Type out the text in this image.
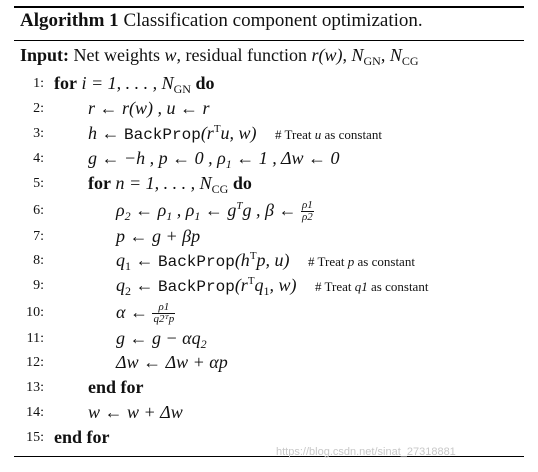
Algorithm 1 Classification component optimization.
Input: Net weights w, residual function r(w), $N_{GN}$, $N_{CG}$
1: for i = 1, . . . , $N_{GN}$ do
2: r ← r(w) , u ← r
3: h ← $BackProp(r^Tu$, w) # Treat u as constant
4: g ← −h , p ← 0 , $\rho_1$ ← 1 , Δw ← 0
5: for n = 1, . . . , $N_{CG}$ do
6:	$\rho_2$ ← $\rho_1$ , $\rho_1$ ← $g^Tg$ , β ← $\frac{\rho 1}{\rho 2}$
7:	p ← g + βp
8:	$q_1$ ← $BackProp(h^Tp$, u) # Treat p as constant
9:	$q_2$ ← $BackProp(r^Tq_1$, w) # Treat q1 as constant
10:	α ← $\frac{\rho 1}{\text{q2ᵀp}}$
11:	g ← $g - \alpha q_2$
12:	Δw ← Δw + αp
13: end for
14: w ← w + Δw
15: end for
https://blog.csdn.net/sinat_27318881
